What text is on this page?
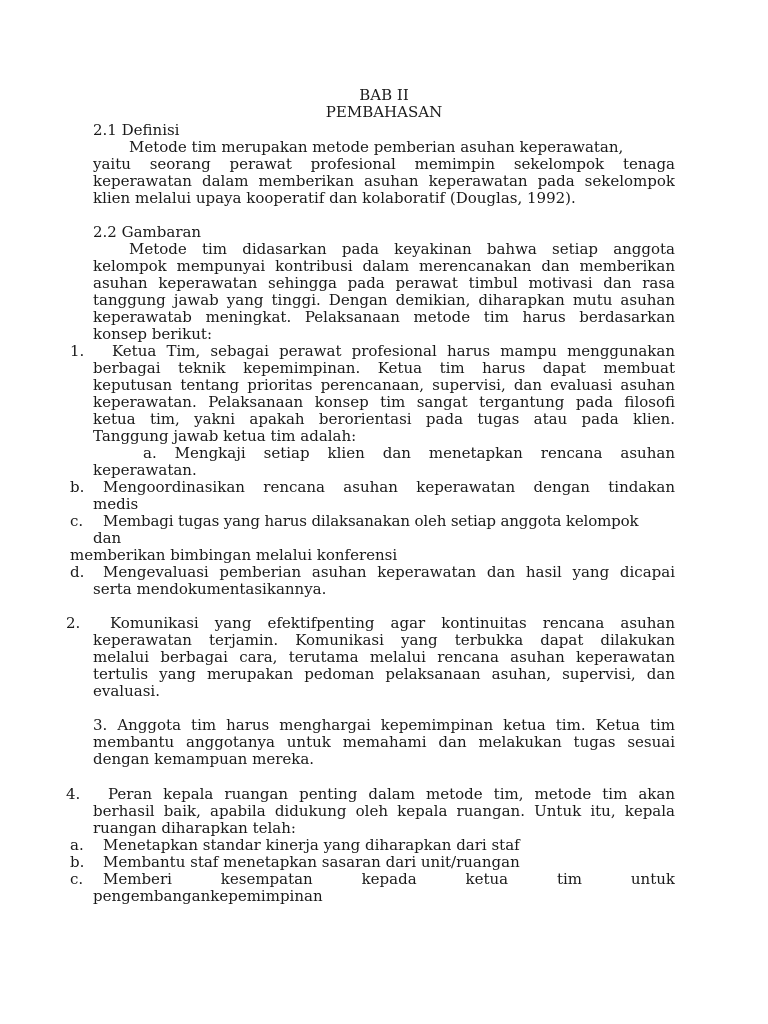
BAB II
PEMBAHASAN
2.1 Definisi
Metode tim merupakan metode pemberian asuhan keperawatan,
yaitu seorang perawat profesional memimpin sekelompok tenaga
keperawatan dalam memberikan asuhan keperawatan pada sekelompok
klien melalui upaya kooperatif dan kolaboratif (Douglas, 1992).
2.2 Gambaran
Metode tim didasarkan pada keyakinan bahwa setiap anggota
kelompok mempunyai kontribusi dalam merencanakan dan memberikan
asuhan keperawatan sehingga pada perawat timbul motivasi dan rasa
tanggung jawab yang tinggi. Dengan demikian, diharapkan mutu asuhan
keperawatab meningkat. Pelaksanaan metode tim harus berdasarkan
konsep berikut:
1. Ketua Tim, sebagai perawat profesional harus mampu menggunakan
berbagai teknik kepemimpinan. Ketua tim harus dapat membuat
keputusan tentang prioritas perencanaan, supervisi, dan evaluasi asuhan
keperawatan. Pelaksanaan konsep tim sangat tergantung pada filosofi
ketua tim, yakni apakah berorientasi pada tugas atau pada klien.
Tanggung jawab ketua tim adalah:
a. Mengkaji setiap klien dan menetapkan rencana asuhan
keperawatan.
b. Mengoordinasikan rencana asuhan keperawatan dengan tindakan
medis
c. Membagi tugas yang harus dilaksanakan oleh setiap anggota kelompok
dan
memberikan bimbingan melalui konferensi
d. Mengevaluasi pemberian asuhan keperawatan dan hasil yang dicapai
serta mendokumentasikannya.
2. Komunikasi yang efektifpenting agar kontinuitas rencana asuhan
keperawatan terjamin. Komunikasi yang terbukka dapat dilakukan
melalui berbagai cara, terutama melalui rencana asuhan keperawatan
tertulis yang merupakan pedoman pelaksanaan asuhan, supervisi, dan
evaluasi.
3. Anggota tim harus menghargai kepemimpinan ketua tim. Ketua tim
membantu anggotanya untuk memahami dan melakukan tugas sesuai
dengan kemampuan mereka.
4. Peran kepala ruangan penting dalam metode tim, metode tim akan
berhasil baik, apabila didukung oleh kepala ruangan. Untuk itu, kepala
ruangan diharapkan telah:
a. Menetapkan standar kinerja yang diharapkan dari staf
b. Membantu staf menetapkan sasaran dari unit/ruangan
c. Memberi kesempatan kepada ketua tim untuk
pengembangankepemimpinan
